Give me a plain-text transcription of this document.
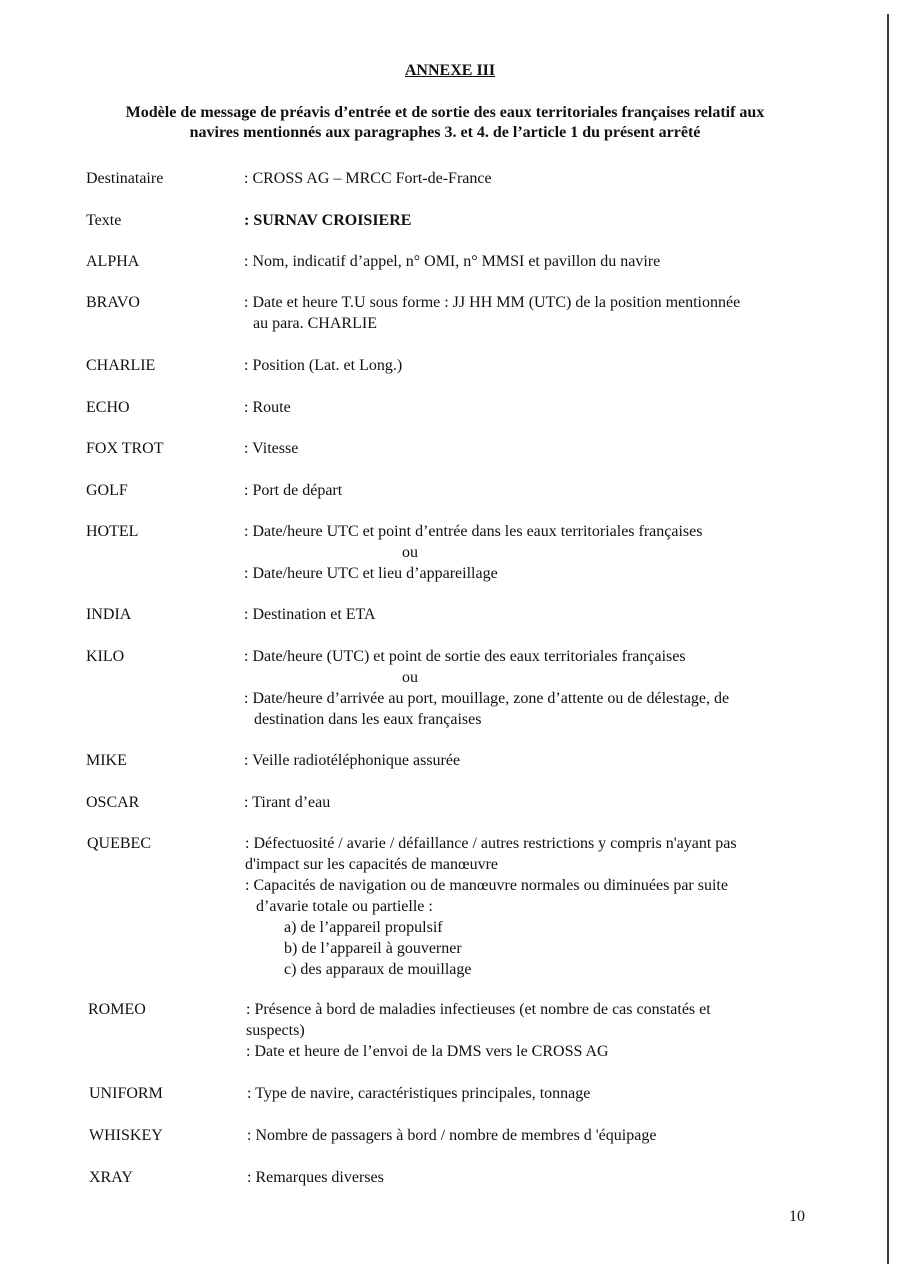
ANNEXE III
Modèle de message de préavis d’entrée et de sortie des eaux territoriales françaises relatif aux
navires mentionnés aux paragraphes 3. et 4. de l’article 1 du présent arrêté
Destinataire	: CROSS AG – MRCC Fort-de-France
Texte	: SURNAV CROISIERE
ALPHA	: Nom, indicatif d’appel, n° OMI, n° MMSI et pavillon du navire
BRAVO	: Date et heure T.U sous forme : JJ HH MM (UTC) de la position mentionnée
au para. CHARLIE
CHARLIE	: Position (Lat. et Long.)
ECHO	: Route
FOX TROT	: Vitesse
GOLF	: Port de départ
HOTEL	: Date/heure UTC et point d’entrée dans les eaux territoriales françaises
ou
: Date/heure UTC et lieu d’appareillage
INDIA	: Destination et ETA
KILO	: Date/heure (UTC) et point de sortie des eaux territoriales françaises
ou
: Date/heure d’arrivée au port, mouillage, zone d’attente ou de délestage, de
destination dans les eaux françaises
MIKE	: Veille radiotéléphonique assurée
OSCAR	: Tirant d’eau
QUEBEC	: Défectuosité / avarie / défaillance / autres restrictions y compris n'ayant pas
d'impact sur les capacités de manœuvre
: Capacités de navigation ou de manœuvre normales ou diminuées par suite
d’avarie totale ou partielle :
a) de l’appareil propulsif
b) de l’appareil à gouverner
c) des apparaux de mouillage
ROMEO	: Présence à bord de maladies infectieuses (et nombre de cas constatés et
suspects)
: Date et heure de l’envoi de la DMS vers le CROSS AG
UNIFORM	: Type de navire, caractéristiques principales, tonnage
WHISKEY	: Nombre de passagers à bord / nombre de membres d 'équipage
XRAY	: Remarques diverses
10
